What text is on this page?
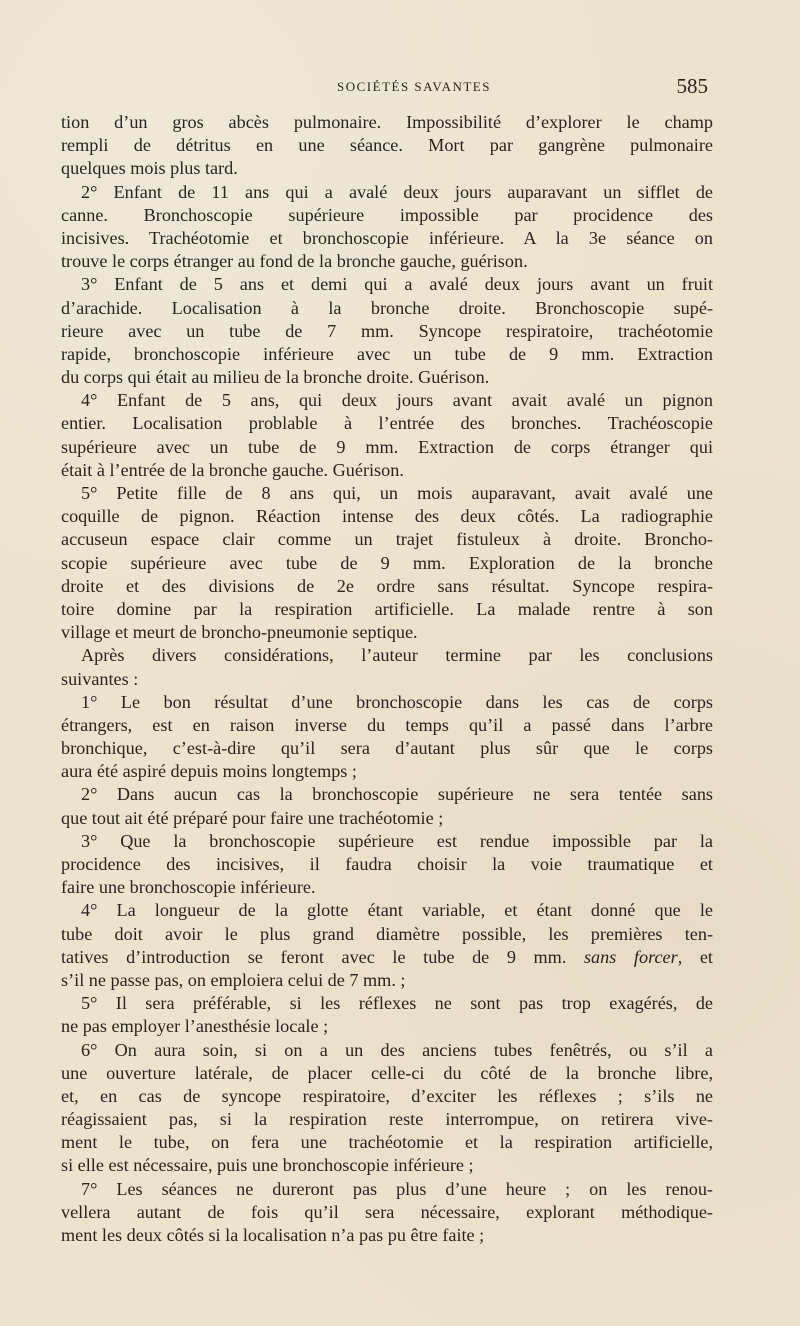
SOCIÉTÉS SAVANTES	585
tion d’un gros abcès pulmonaire. Impossibilité d’explorer le champ
rempli de détritus en une séance. Mort par gangrène pulmonaire
quelques mois plus tard.
2° Enfant de 11 ans qui a avalé deux jours auparavant un sifflet de
canne. Bronchoscopie supérieure impossible par procidence des
incisives. Trachéotomie et bronchoscopie inférieure. A la 3e séance on
trouve le corps étranger au fond de la bronche gauche, guérison.
3° Enfant de 5 ans et demi qui a avalé deux jours avant un fruit
d’arachide. Localisation à la bronche droite. Bronchoscopie supé-
rieure avec un tube de 7 mm. Syncope respiratoire, trachéotomie
rapide, bronchoscopie inférieure avec un tube de 9 mm. Extraction
du corps qui était au milieu de la bronche droite. Guérison.
4° Enfant de 5 ans, qui deux jours avant avait avalé un pignon
entier. Localisation problable à l’entrée des bronches. Trachéoscopie
supérieure avec un tube de 9 mm. Extraction de corps étranger qui
était à l’entrée de la bronche gauche. Guérison.
5° Petite fille de 8 ans qui, un mois auparavant, avait avalé une
coquille de pignon. Réaction intense des deux côtés. La radiographie
accuseun espace clair comme un trajet fistuleux à droite. Broncho-
scopie supérieure avec tube de 9 mm. Exploration de la bronche
droite et des divisions de 2e ordre sans résultat. Syncope respira-
toire domine par la respiration artificielle. La malade rentre à son
village et meurt de broncho-pneumonie septique.
Après divers considérations, l’auteur termine par les conclusions
suivantes :
1° Le bon résultat d’une bronchoscopie dans les cas de corps
étrangers, est en raison inverse du temps qu’il a passé dans l’arbre
bronchique, c’est-à-dire qu’il sera d’autant plus sûr que le corps
aura été aspiré depuis moins longtemps ;
2° Dans aucun cas la bronchoscopie supérieure ne sera tentée sans
que tout ait été préparé pour faire une trachéotomie ;
3° Que la bronchoscopie supérieure est rendue impossible par la
procidence des incisives, il faudra choisir la voie traumatique et
faire une bronchoscopie inférieure.
4° La longueur de la glotte étant variable, et étant donné que le
tube doit avoir le plus grand diamètre possible, les premières ten-
tatives d’introduction se feront avec le tube de 9 mm. sans forcer, et
s’il ne passe pas, on emploiera celui de 7 mm. ;
5° Il sera préférable, si les réflexes ne sont pas trop exagérés, de
ne pas employer l’anesthésie locale ;
6° On aura soin, si on a un des anciens tubes fenêtrés, ou s’il a
une ouverture latérale, de placer celle-ci du côté de la bronche libre,
et, en cas de syncope respiratoire, d’exciter les réflexes ; s’ils ne
réagissaient pas, si la respiration reste interrompue, on retirera vive-
ment le tube, on fera une trachéotomie et la respiration artificielle,
si elle est nécessaire, puis une bronchoscopie inférieure ;
7° Les séances ne dureront pas plus d’une heure ; on les renou-
vellera autant de fois qu’il sera nécessaire, explorant méthodique-
ment les deux côtés si la localisation n’a pas pu être faite ;
